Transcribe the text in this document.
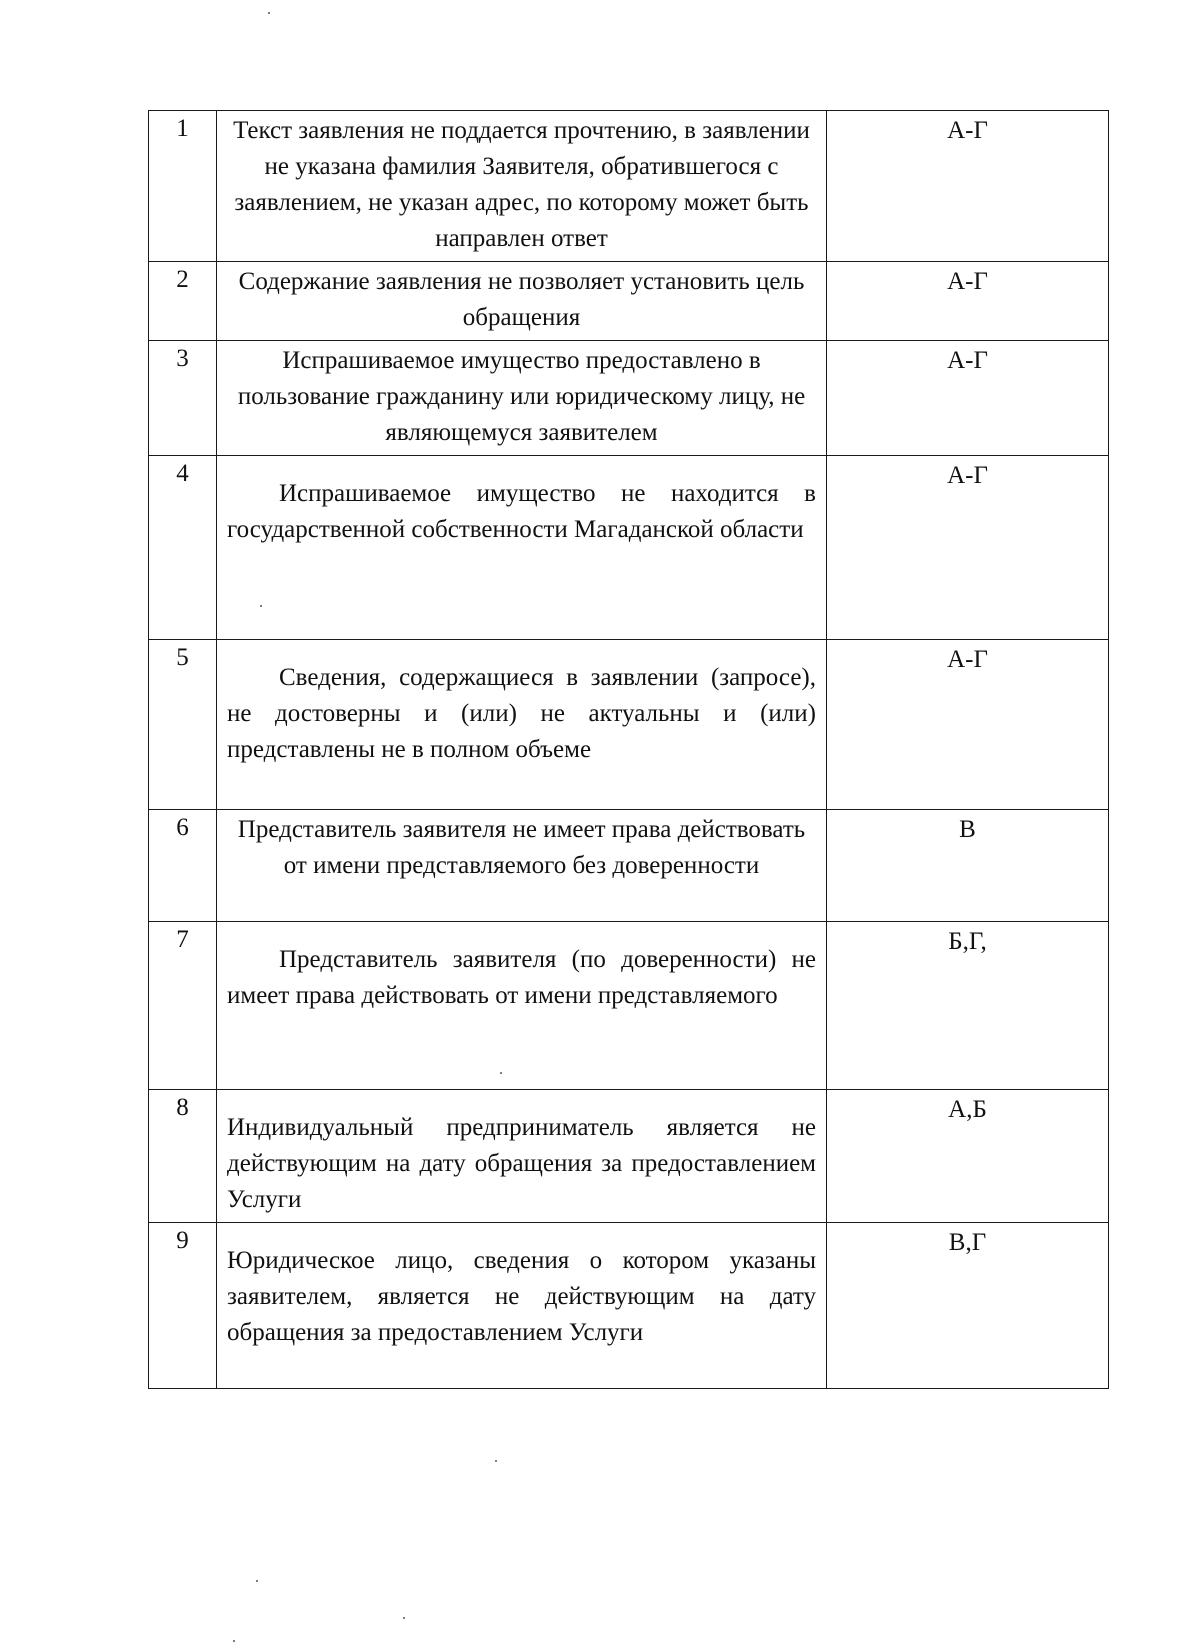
1	Текст заявления не поддается прочтению, в заявлении не указана фамилия Заявителя, обратившегося с заявлением, не указан адрес, по которому может быть направлен ответ	А-Г

2	Содержание заявления не позволяет установить цель обращения	А-Г

3	Испрашиваемое имущество предоставлено в пользование гражданину или юридическому лицу, не являющемуся заявителем	А-Г

4	Испрашиваемое имущество не находится в государственной собственности Магаданской области	А-Г

5	Сведения, содержащиеся в заявлении (запросе), не достоверны и (или) не актуальны и (или) представлены не в полном объеме	А-Г

6	Представитель заявителя не имеет права действовать от имени представляемого без доверенности	В

7	Представитель заявителя (по доверенности) не имеет права действовать от имени представляемого	Б,Г,

8	Индивидуальный предприниматель является не действующим на дату обращения за предоставлением Услуги	А,Б

9	Юридическое лицо, сведения о котором указаны заявителем, является не действующим на дату обращения за предоставлением Услуги	В,Г
